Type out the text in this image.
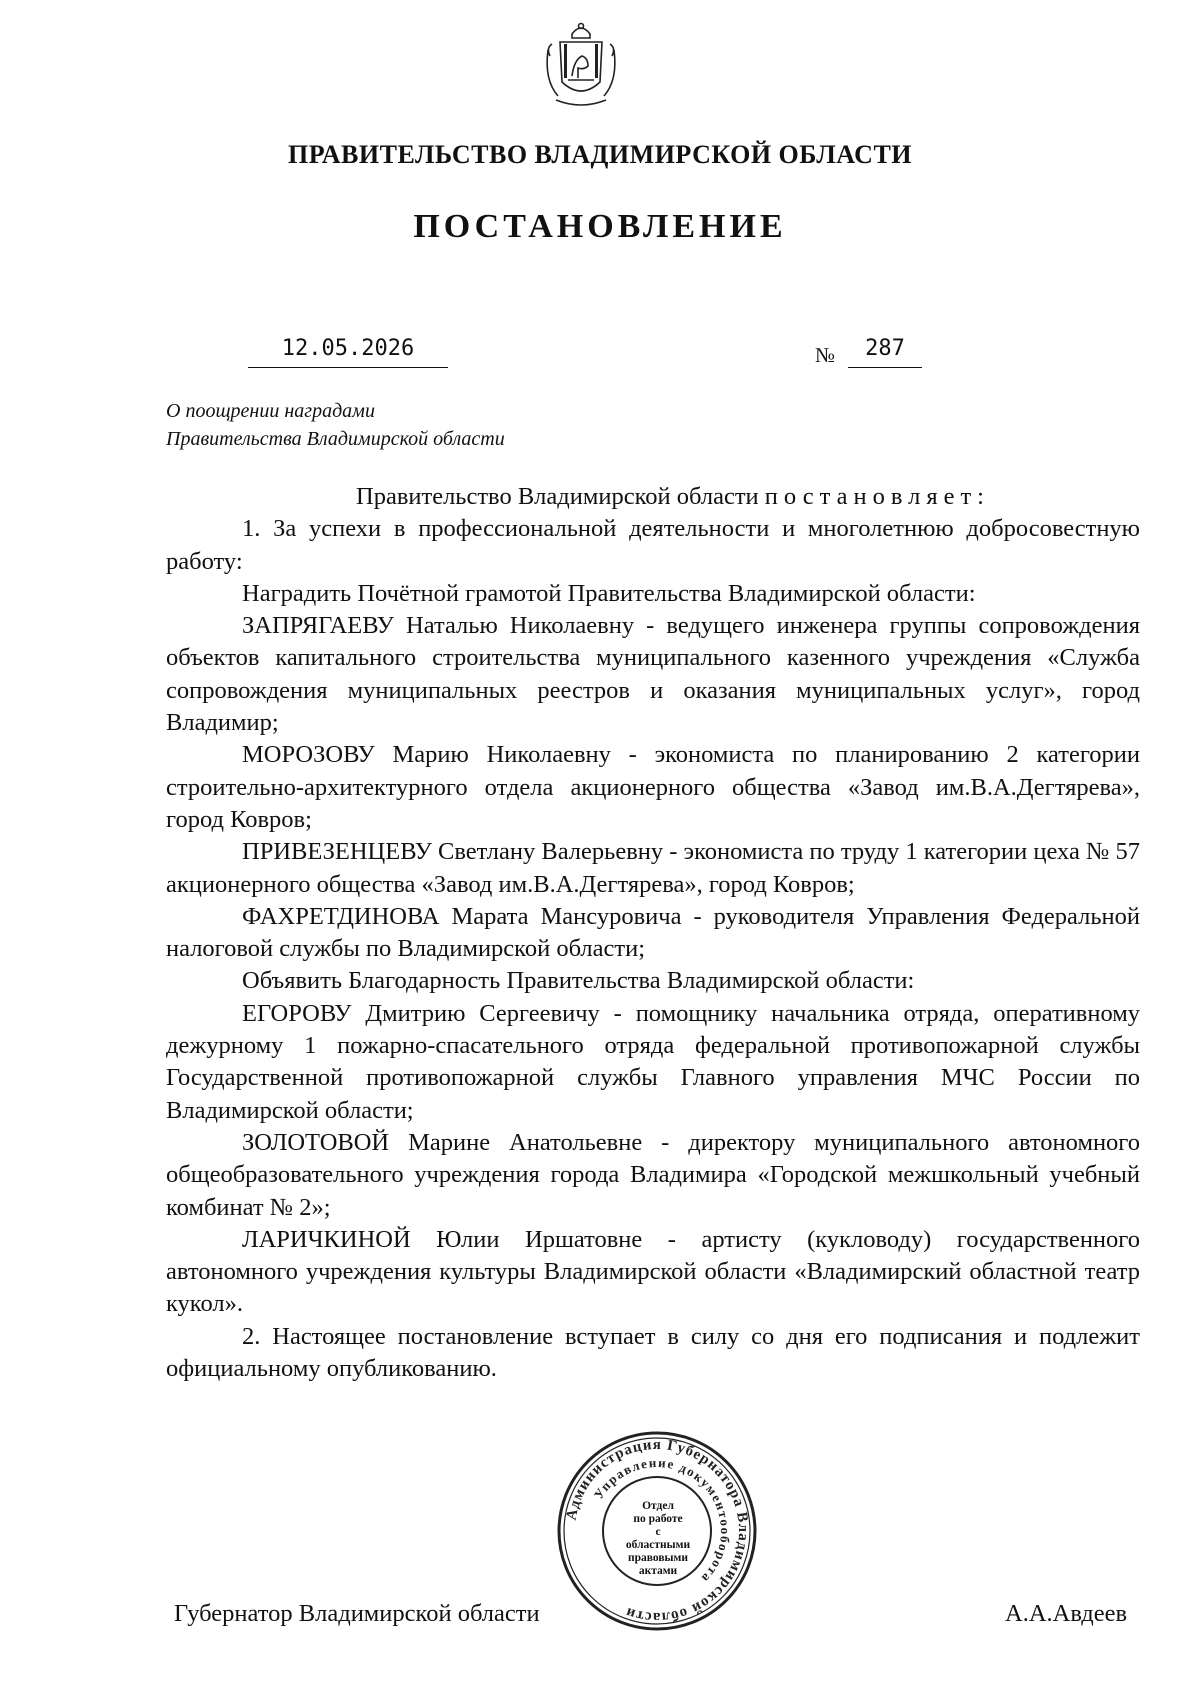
ПРАВИТЕЛЬСТВО ВЛАДИМИРСКОЙ ОБЛАСТИ
ПОСТАНОВЛЕНИЕ
12.05.2026	№	287
О поощрении наградами
Правительства Владимирской области

Правительство Владимирской области постановляет:

1. За успехи в профессиональной деятельности и многолетнюю добросовестную работу:

Наградить Почётной грамотой Правительства Владимирской области:

ЗАПРЯГАЕВУ Наталью Николаевну - ведущего инженера группы сопровождения объектов капитального строительства муниципального казенного учреждения «Служба сопровождения муниципальных реестров и оказания муниципальных услуг», город Владимир;

МОРОЗОВУ Марию Николаевну - экономиста по планированию 2 категории строительно-архитектурного отдела акционерного общества «Завод им.В.А.Дегтярева», город Ковров;

ПРИВЕЗЕНЦЕВУ Светлану Валерьевну - экономиста по труду 1 категории цеха № 57 акционерного общества «Завод им.В.А.Дегтярева», город Ковров;

ФАХРЕТДИНОВА Марата Мансуровича - руководителя Управления Федеральной налоговой службы по Владимирской области;

Объявить Благодарность Правительства Владимирской области:

ЕГОРОВУ Дмитрию Сергеевичу - помощнику начальника отряда, оперативному дежурному 1 пожарно-спасательного отряда федеральной противопожарной службы Государственной противопожарной службы Главного управления МЧС России по Владимирской области;

ЗОЛОТОВОЙ Марине Анатольевне - директору муниципального автономного общеобразовательного учреждения города Владимира «Городской межшкольный учебный комбинат № 2»;

ЛАРИЧКИНОЙ Юлии Иршатовне - артисту (кукловоду) государственного автономного учреждения культуры Владимирской области «Владимирский областной театр кукол».

2. Настоящее постановление вступает в силу со дня его подписания и подлежит официальному опубликованию.

Губернатор Владимирской области	А.А.Авдеев
Администрация Губернатора Владимирской области
Управление документооборота
Отдел
по работе
с областными
правовыми
актами
